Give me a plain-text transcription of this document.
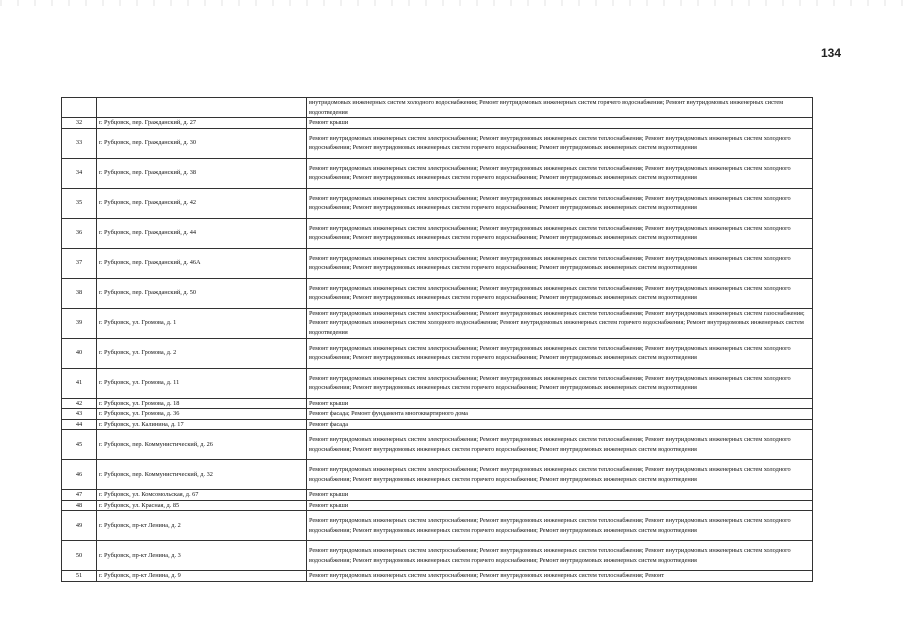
134
		внутридомовых инженерных систем холодного водоснабжения; Ремонт внутридомовых инженерных систем горячего водоснабжения; Ремонт внутридомовых инженерных систем водоотведения
32	г. Рубцовск, пер. Гражданский, д. 27	Ремонт крыши
33	г. Рубцовск, пер. Гражданский, д. 30	Ремонт внутридомовых инженерных систем электроснабжения; Ремонт внутридомовых инженерных систем теплоснабжения; Ремонт внутридомовых инженерных систем холодного водоснабжения; Ремонт внутридомовых инженерных систем горячего водоснабжения; Ремонт внутридомовых инженерных систем водоотведения
34	г. Рубцовск, пер. Гражданский, д. 38	Ремонт внутридомовых инженерных систем электроснабжения; Ремонт внутридомовых инженерных систем теплоснабжения; Ремонт внутридомовых инженерных систем холодного водоснабжения; Ремонт внутридомовых инженерных систем горячего водоснабжения; Ремонт внутридомовых инженерных систем водоотведения
35	г. Рубцовск, пер. Гражданский, д. 42	Ремонт внутридомовых инженерных систем электроснабжения; Ремонт внутридомовых инженерных систем теплоснабжения; Ремонт внутридомовых инженерных систем холодного водоснабжения; Ремонт внутридомовых инженерных систем горячего водоснабжения; Ремонт внутридомовых инженерных систем водоотведения
36	г. Рубцовск, пер. Гражданский, д. 44	Ремонт внутридомовых инженерных систем электроснабжения; Ремонт внутридомовых инженерных систем теплоснабжения; Ремонт внутридомовых инженерных систем холодного водоснабжения; Ремонт внутридомовых инженерных систем горячего водоснабжения; Ремонт внутридомовых инженерных систем водоотведения
37	г. Рубцовск, пер. Гражданский, д. 46А	Ремонт внутридомовых инженерных систем электроснабжения; Ремонт внутридомовых инженерных систем теплоснабжения; Ремонт внутридомовых инженерных систем холодного водоснабжения; Ремонт внутридомовых инженерных систем горячего водоснабжения; Ремонт внутридомовых инженерных систем водоотведения
38	г. Рубцовск, пер. Гражданский, д. 50	Ремонт внутридомовых инженерных систем электроснабжения; Ремонт внутридомовых инженерных систем теплоснабжения; Ремонт внутридомовых инженерных систем холодного водоснабжения; Ремонт внутридомовых инженерных систем горячего водоснабжения; Ремонт внутридомовых инженерных систем водоотведения
39	г. Рубцовск, ул. Громова, д. 1	Ремонт внутридомовых инженерных систем электроснабжения; Ремонт внутридомовых инженерных систем теплоснабжения; Ремонт внутридомовых инженерных систем газоснабжения; Ремонт внутридомовых инженерных систем холодного водоснабжения; Ремонт внутридомовых инженерных систем горячего водоснабжения; Ремонт внутридомовых инженерных систем водоотведения
40	г. Рубцовск, ул. Громова, д. 2	Ремонт внутридомовых инженерных систем электроснабжения; Ремонт внутридомовых инженерных систем теплоснабжения; Ремонт внутридомовых инженерных систем холодного водоснабжения; Ремонт внутридомовых инженерных систем горячего водоснабжения; Ремонт внутридомовых инженерных систем водоотведения
41	г. Рубцовск, ул. Громова, д. 11	Ремонт внутридомовых инженерных систем электроснабжения; Ремонт внутридомовых инженерных систем теплоснабжения; Ремонт внутридомовых инженерных систем холодного водоснабжения; Ремонт внутридомовых инженерных систем горячего водоснабжения; Ремонт внутридомовых инженерных систем водоотведения
42	г. Рубцовск, ул. Громова, д. 18	Ремонт крыши
43	г. Рубцовск, ул. Громова, д. 36	Ремонт фасада; Ремонт фундамента многоквартирного дома
44	г. Рубцовск, ул. Калинина, д. 17	Ремонт фасада
45	г. Рубцовск, пер. Коммунистический, д. 26	Ремонт внутридомовых инженерных систем электроснабжения; Ремонт внутридомовых инженерных систем теплоснабжения; Ремонт внутридомовых инженерных систем холодного водоснабжения; Ремонт внутридомовых инженерных систем горячего водоснабжения; Ремонт внутридомовых инженерных систем водоотведения
46	г. Рубцовск, пер. Коммунистический, д. 32	Ремонт внутридомовых инженерных систем электроснабжения; Ремонт внутридомовых инженерных систем теплоснабжения; Ремонт внутридомовых инженерных систем холодного водоснабжения; Ремонт внутридомовых инженерных систем горячего водоснабжения; Ремонт внутридомовых инженерных систем водоотведения
47	г. Рубцовск, ул. Комсомольская, д. 67	Ремонт крыши
48	г. Рубцовск, ул. Красная, д. 85	Ремонт крыши
49	г. Рубцовск, пр-кт Ленина, д. 2	Ремонт внутридомовых инженерных систем электроснабжения; Ремонт внутридомовых инженерных систем теплоснабжения; Ремонт внутридомовых инженерных систем холодного водоснабжения; Ремонт внутридомовых инженерных систем горячего водоснабжения; Ремонт внутридомовых инженерных систем водоотведения
50	г. Рубцовск, пр-кт Ленина, д. 3	Ремонт внутридомовых инженерных систем электроснабжения; Ремонт внутридомовых инженерных систем теплоснабжения; Ремонт внутридомовых инженерных систем холодного водоснабжения; Ремонт внутридомовых инженерных систем горячего водоснабжения; Ремонт внутридомовых инженерных систем водоотведения
51	г. Рубцовск, пр-кт Ленина, д. 9	Ремонт внутридомовых инженерных систем электроснабжения; Ремонт внутридомовых инженерных систем теплоснабжения; Ремонт
